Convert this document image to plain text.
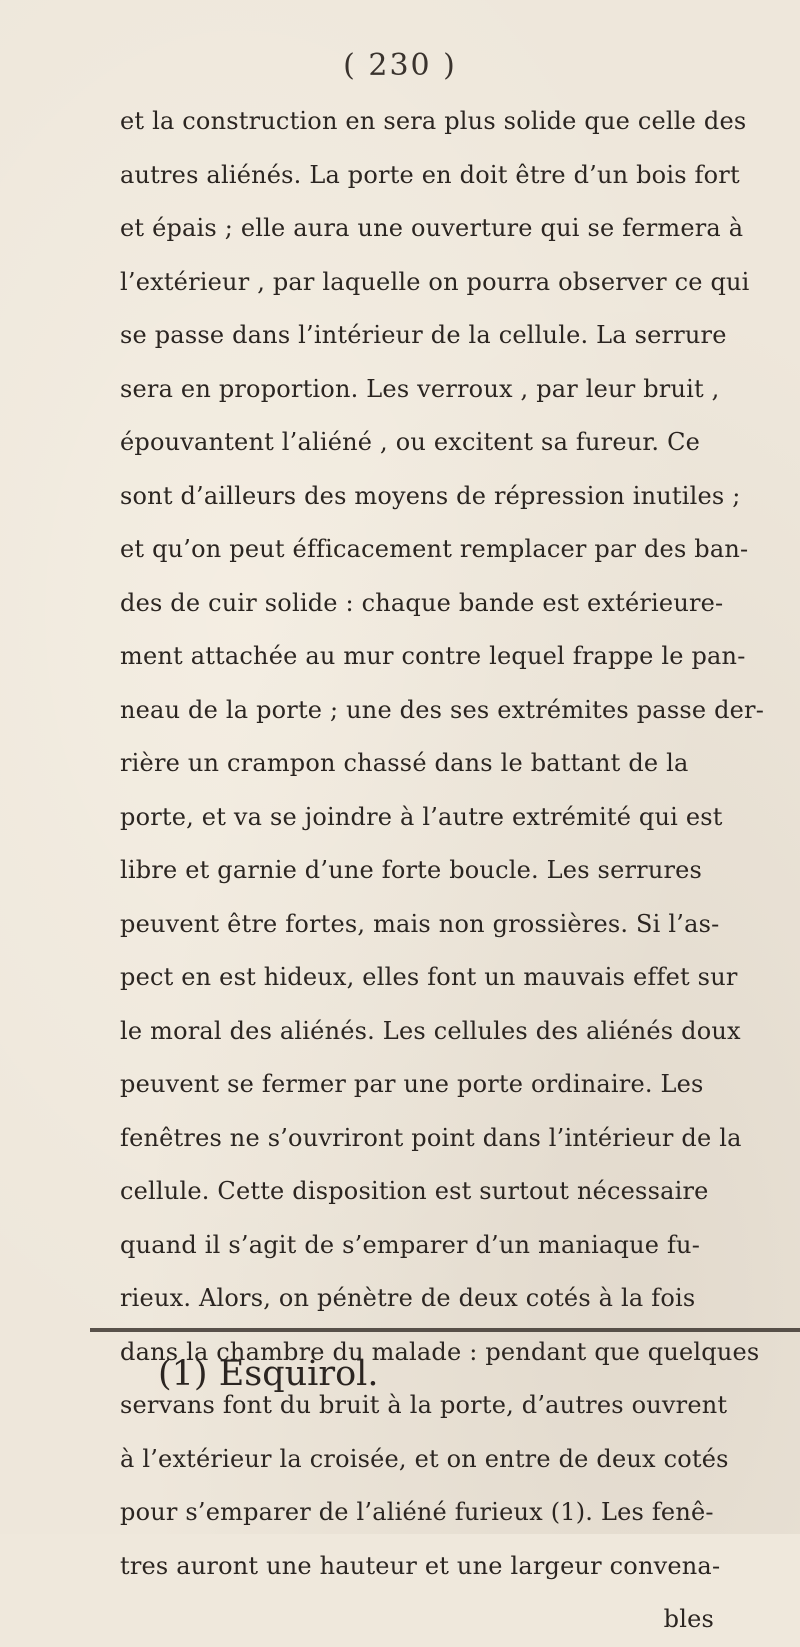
( 230 )
et la construction en sera plus solide que celle des
autres aliénés. La porte en doit être d’un bois fort
et épais ; elle aura une ouverture qui se fermera à
l’extérieur , par laquelle on pourra observer ce qui
se passe dans l’intérieur de la cellule. La serrure
sera en proportion. Les verroux , par leur bruit ,
épouvantent l’aliéné , ou excitent sa fureur. Ce
sont d’ailleurs des moyens de répression inutiles ;
et qu’on peut éfficacement remplacer par des ban-
des de cuir solide : chaque bande est extérieure-
ment attachée au mur contre lequel frappe le pan-
neau de la porte ; une des ses extrémites passe der-
rière un crampon chassé dans le battant de la
porte, et va se joindre à l’autre extrémité qui est
libre et garnie d’une forte boucle. Les serrures
peuvent être fortes, mais non grossières. Si l’as-
pect en est hideux, elles font un mauvais effet sur
le moral des aliénés. Les cellules des aliénés doux
peuvent se fermer par une porte ordinaire. Les
fenêtres ne s’ouvriront point dans l’intérieur de la
cellule. Cette disposition est surtout nécessaire
quand il s’agit de s’emparer d’un maniaque fu-
rieux. Alors, on pénètre de deux cotés à la fois
dans la chambre du malade : pendant que quelques
servans font du bruit à la porte, d’autres ouvrent
à l’extérieur la croisée, et on entre de deux cotés
pour s’emparer de l’aliéné furieux (1). Les fenê-
tres auront une hauteur et une largeur convena-
bles
(1) Esquirol.
